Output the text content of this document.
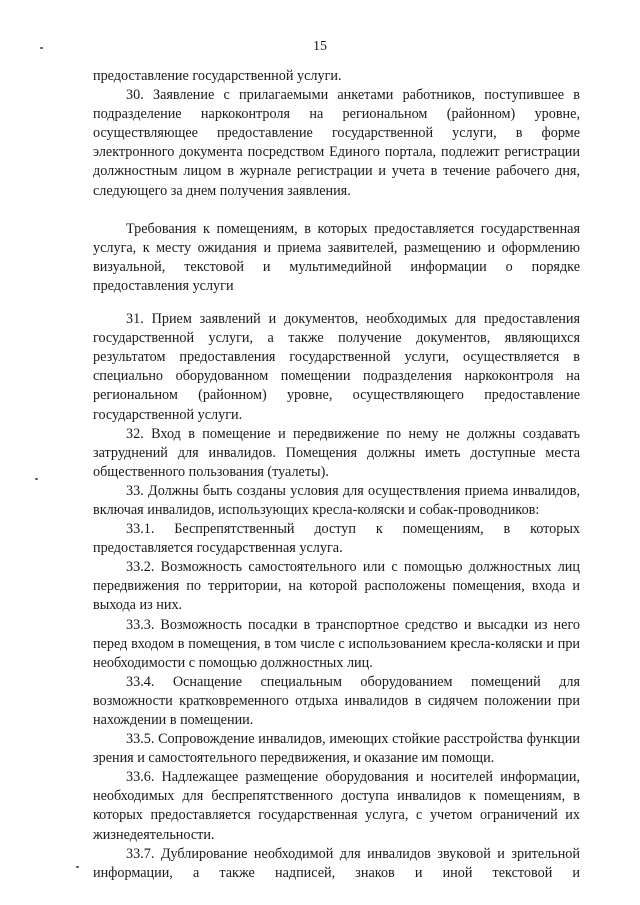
15

предоставление государственной услуги.

30. Заявление с прилагаемыми анкетами работников, поступившее в подразделение наркоконтроля на региональном (районном) уровне, осуществляющее предоставление государственной услуги, в форме электронного документа посредством Единого портала, подлежит регистрации должностным лицом в журнале регистрации и учета в течение рабочего дня, следующего за днем получения заявления.

Требования к помещениям, в которых предоставляется государственная услуга, к месту ожидания и приема заявителей, размещению и оформлению визуальной, текстовой и мультимедийной информации о порядке предоставления услуги

31. Прием заявлений и документов, необходимых для предоставления государственной услуги, а также получение документов, являющихся результатом предоставления государственной услуги, осуществляется в специально оборудованном помещении подразделения наркоконтроля на региональном (районном) уровне, осуществляющего предоставление государственной услуги.

32. Вход в помещение и передвижение по нему не должны создавать затруднений для инвалидов. Помещения должны иметь доступные места общественного пользования (туалеты).

33. Должны быть созданы условия для осуществления приема инвалидов, включая инвалидов, использующих кресла-коляски и собак-проводников:

33.1. Беспрепятственный доступ к помещениям, в которых предоставляется государственная услуга.

33.2. Возможность самостоятельного или с помощью должностных лиц передвижения по территории, на которой расположены помещения, входа и выхода из них.

33.3. Возможность посадки в транспортное средство и высадки из него перед входом в помещения, в том числе с использованием кресла-коляски и при необходимости с помощью должностных лиц.

33.4. Оснащение специальным оборудованием помещений для возможности кратковременного отдыха инвалидов в сидячем положении при нахождении в помещении.

33.5. Сопровождение инвалидов, имеющих стойкие расстройства функции зрения и самостоятельного передвижения, и оказание им помощи.

33.6. Надлежащее размещение оборудования и носителей информации, необходимых для беспрепятственного доступа инвалидов к помещениям, в которых предоставляется государственная услуга, с учетом ограничений их жизнедеятельности.

33.7. Дублирование необходимой для инвалидов звуковой и зрительной информации, а также надписей, знаков и иной текстовой и
